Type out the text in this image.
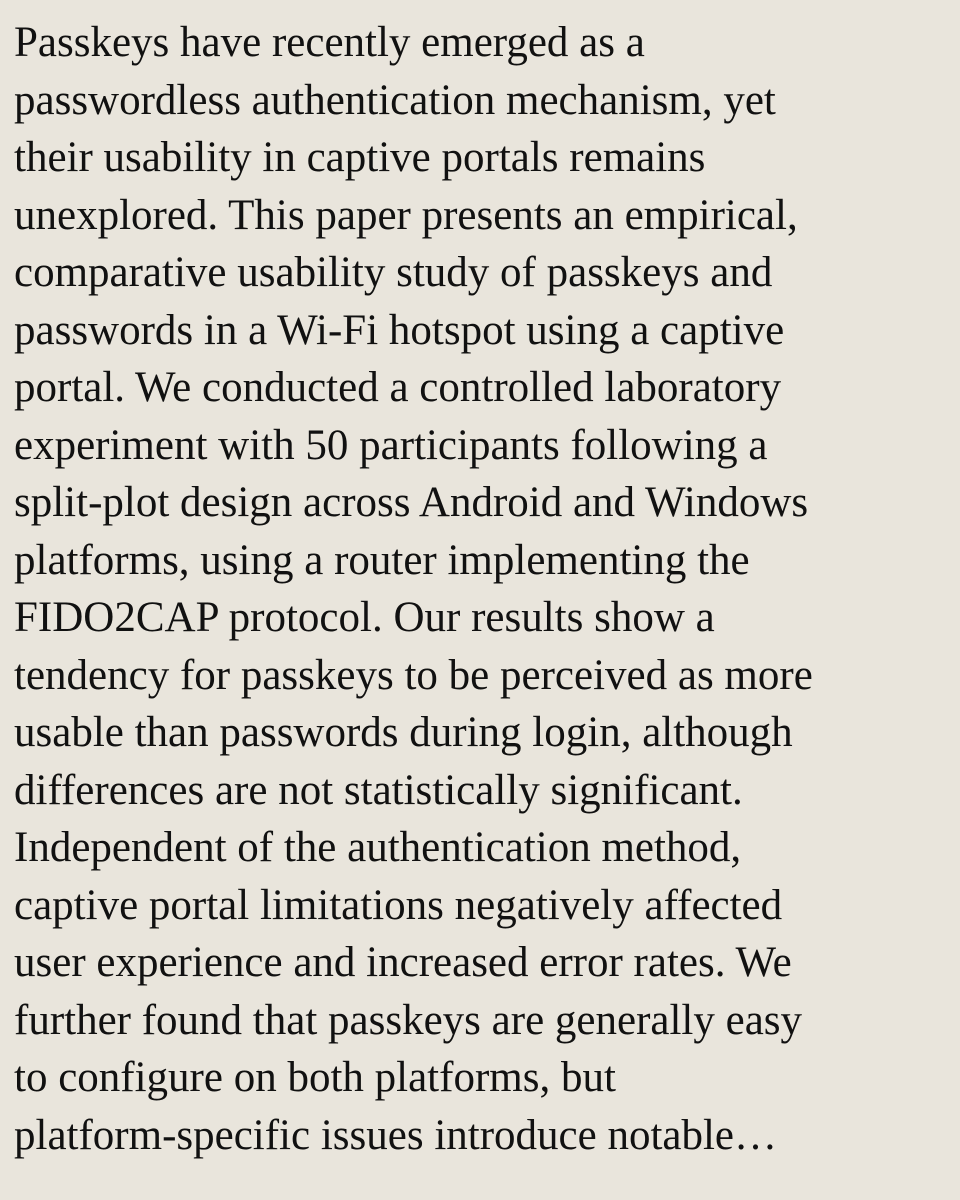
Passkeys have recently emerged as a
passwordless authentication mechanism, yet
their usability in captive portals remains
unexplored. This paper presents an empirical,
comparative usability study of passkeys and
passwords in a Wi-Fi hotspot using a captive
portal. We conducted a controlled laboratory
experiment with 50 participants following a
split-plot design across Android and Windows
platforms, using a router implementing the
FIDO2CAP protocol. Our results show a
tendency for passkeys to be perceived as more
usable than passwords during login, although
differences are not statistically significant.
Independent of the authentication method,
captive portal limitations negatively affected
user experience and increased error rates. We
further found that passkeys are generally easy
to configure on both platforms, but
platform-specific issues introduce notable…
